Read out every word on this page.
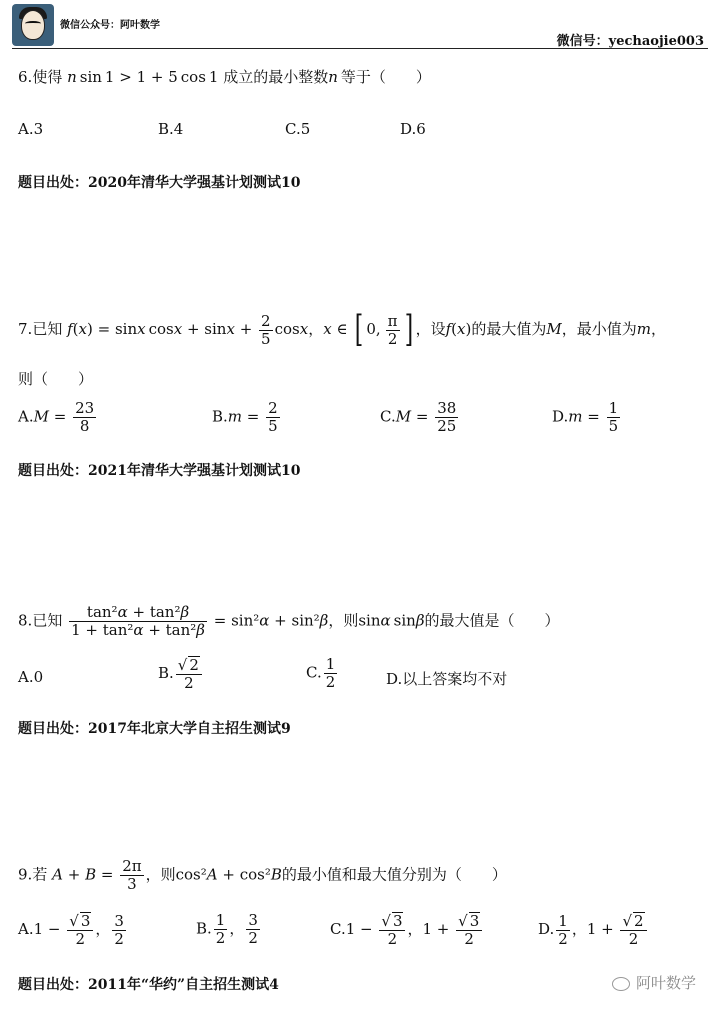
微信公众号：阿叶数学
微信号：yechaojie003
6.使得 n sin 1 > 1 + 5 cos 1 成立的最小整数n  等于（　　）
A.3	B.4	C.5	D.6
题目出处：2020年清华大学强基计划测试10
7.已知 f(x) = sinx $\cos x + \sin x + \frac{2}{5}$ cosx，x ∈ [ 0,  $\frac{\pi}{2}$ ] ，设f(x)的最大值为M，最小值为m，
则（　　）
$A.M = \frac{23}{8}$	$B.m = \frac{2}{5}$	$C.M = \frac{38}{25}$	$D.m = \frac{1}{5}$
题目出处：2021年清华大学强基计划测试10
8.已知 $\frac{\text{tan²α + tan²β}}{\text{1 + tan²α + tan²β}} = \sin^2\alpha + \sin^2\beta$，则sinα sinβ的最大值是（　　）
A.0	B. $\frac{√ 2}{2}$	C. $\frac{1}{2}$	D.以上答案均不对
题目出处：2017年北京大学自主招生测试9
9.若 $A + B = \frac{2\pi}{3}$ ，则cos²A + cos²B的最小值和最大值分别为（　　）
$A.1 - \frac{√ 3}{2}$ ， $\frac{3}{2}$	B. $\frac{1}{2}$ ， $\frac{3}{2}$	$C.1 - \frac{√ 3}{2}$ ，$1 + \frac{√ 3}{2}$	D. $\frac{1}{2}$ ，$1 + \frac{√ 2}{2}$
题目出处：2011年“华约”自主招生测试4	阿叶数学
